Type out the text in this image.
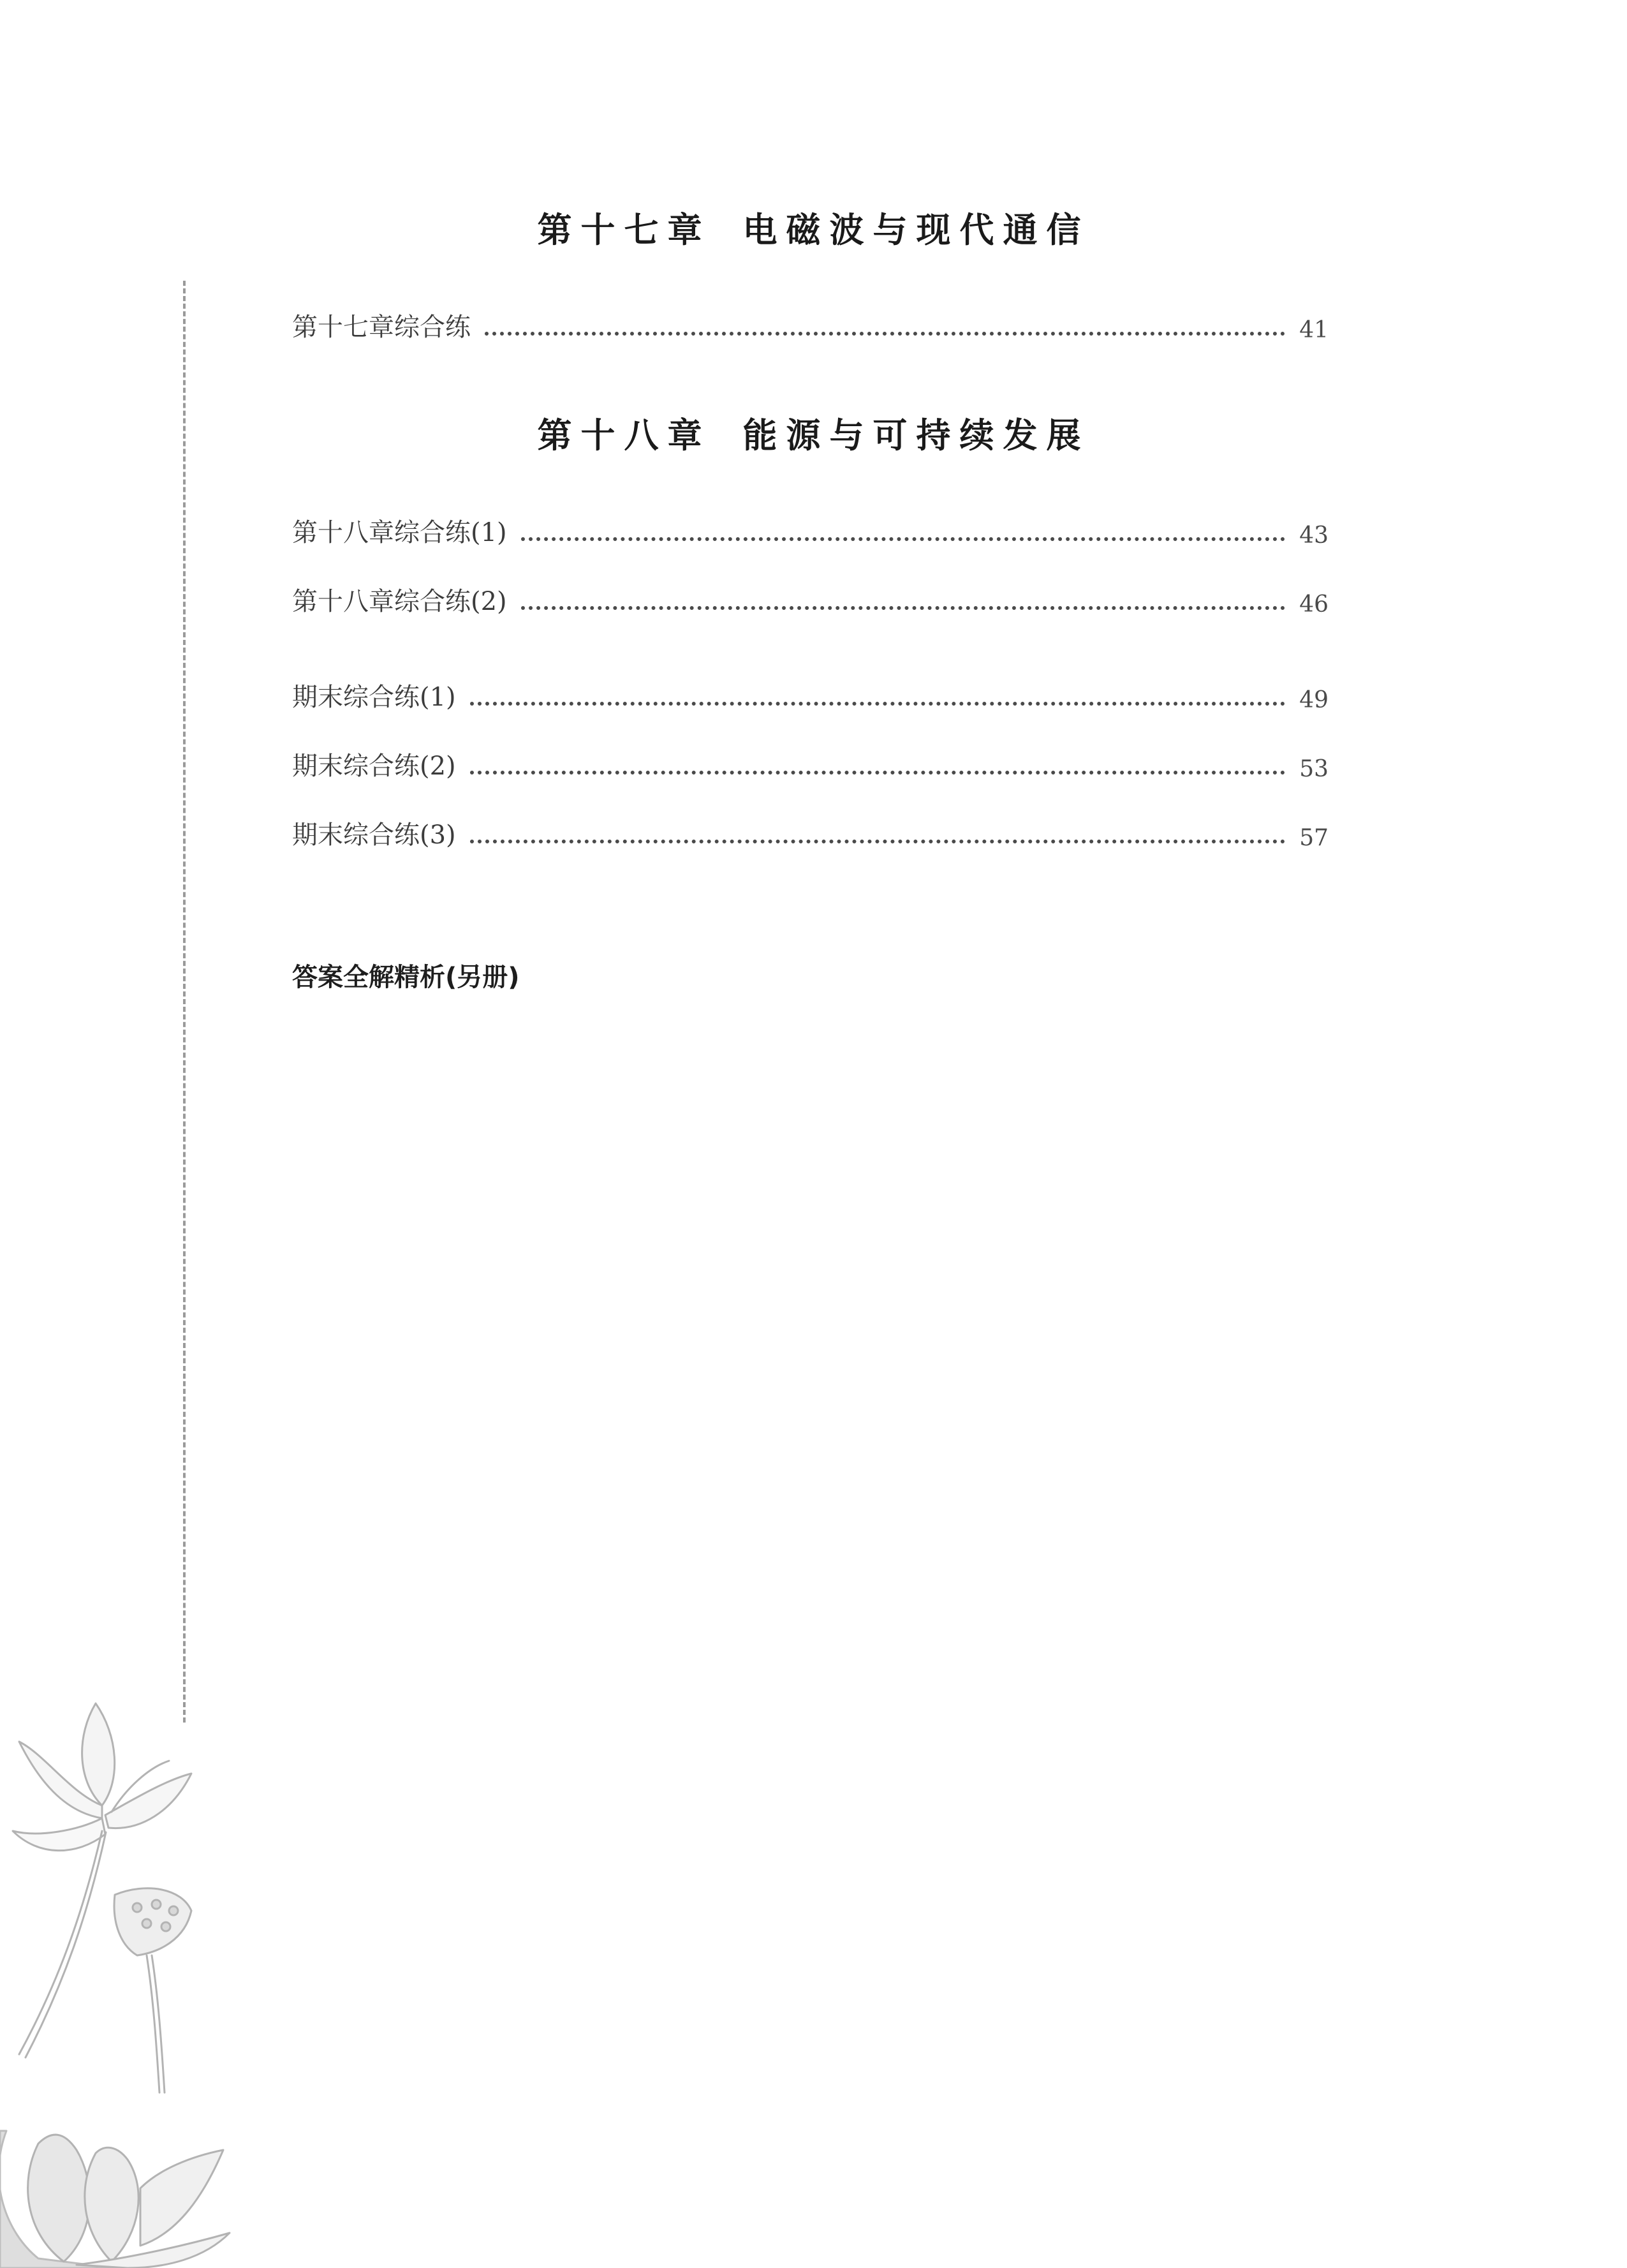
第十七章 电磁波与现代通信
第十七章综合练	41
第十八章 能源与可持续发展
第十八章综合练(1)	43
第十八章综合练(2)	46
期末综合练(1)	49
期末综合练(2)	53
期末综合练(3)	57
答案全解精析(另册)
